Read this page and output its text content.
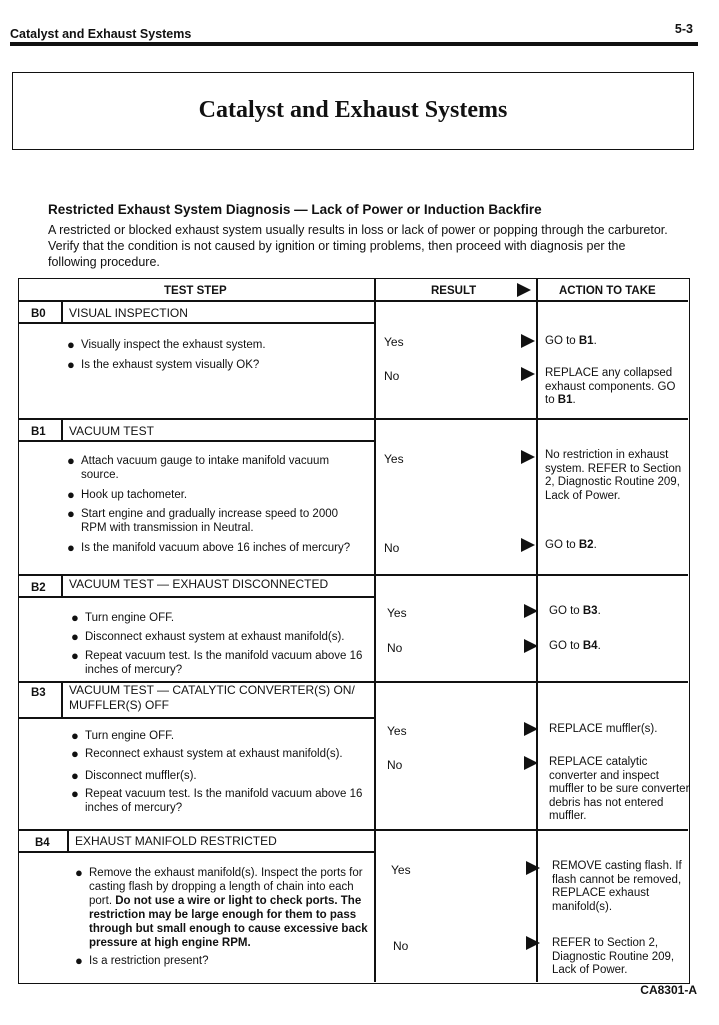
Catalyst and Exhaust Systems	5-3
Catalyst and Exhaust Systems
Restricted Exhaust System Diagnosis — Lack of Power or Induction Backfire
A restricted or blocked exhaust system usually results in loss or lack of power or popping through the carburetor. Verify that the condition is not caused by ignition or timing problems, then proceed with diagnosis per the following procedure.
TEST STEP	RESULT	ACTION TO TAKE
B0 VISUAL INSPECTION
● Visually inspect the exhaust system.
● Is the exhaust system visually OK?
Yes	GO to B1.
No	REPLACE any collapsed exhaust components. GO to B1.
B1 VACUUM TEST
● Attach vacuum gauge to intake manifold vacuum source.
● Hook up tachometer.
● Start engine and gradually increase speed to 2000 RPM with transmission in Neutral.
● Is the manifold vacuum above 16 inches of mercury?
Yes	No restriction in exhaust system. REFER to Section 2, Diagnostic Routine 209, Lack of Power.
No	GO to B2.
B2 VACUUM TEST — EXHAUST DISCONNECTED
● Turn engine OFF.
● Disconnect exhaust system at exhaust manifold(s).
● Repeat vacuum test. Is the manifold vacuum above 16 inches of mercury?
Yes	GO to B3.
No	GO to B4.
B3 VACUUM TEST — CATALYTIC CONVERTER(S) ON/ MUFFLER(S) OFF
● Turn engine OFF.
● Reconnect exhaust system at exhaust manifold(s).
● Disconnect muffler(s).
● Repeat vacuum test. Is the manifold vacuum above 16 inches of mercury?
Yes	REPLACE muffler(s).
No	REPLACE catalytic converter and inspect muffler to be sure converter debris has not entered muffler.
B4 EXHAUST MANIFOLD RESTRICTED
● Remove the exhaust manifold(s). Inspect the ports for casting flash by dropping a length of chain into each port. Do not use a wire or light to check ports. The restriction may be large enough for them to pass through but small enough to cause excessive back pressure at high engine RPM.
● Is a restriction present?
Yes	REMOVE casting flash. If flash cannot be removed, REPLACE exhaust manifold(s).
No	REFER to Section 2, Diagnostic Routine 209, Lack of Power.
CA8301-A
